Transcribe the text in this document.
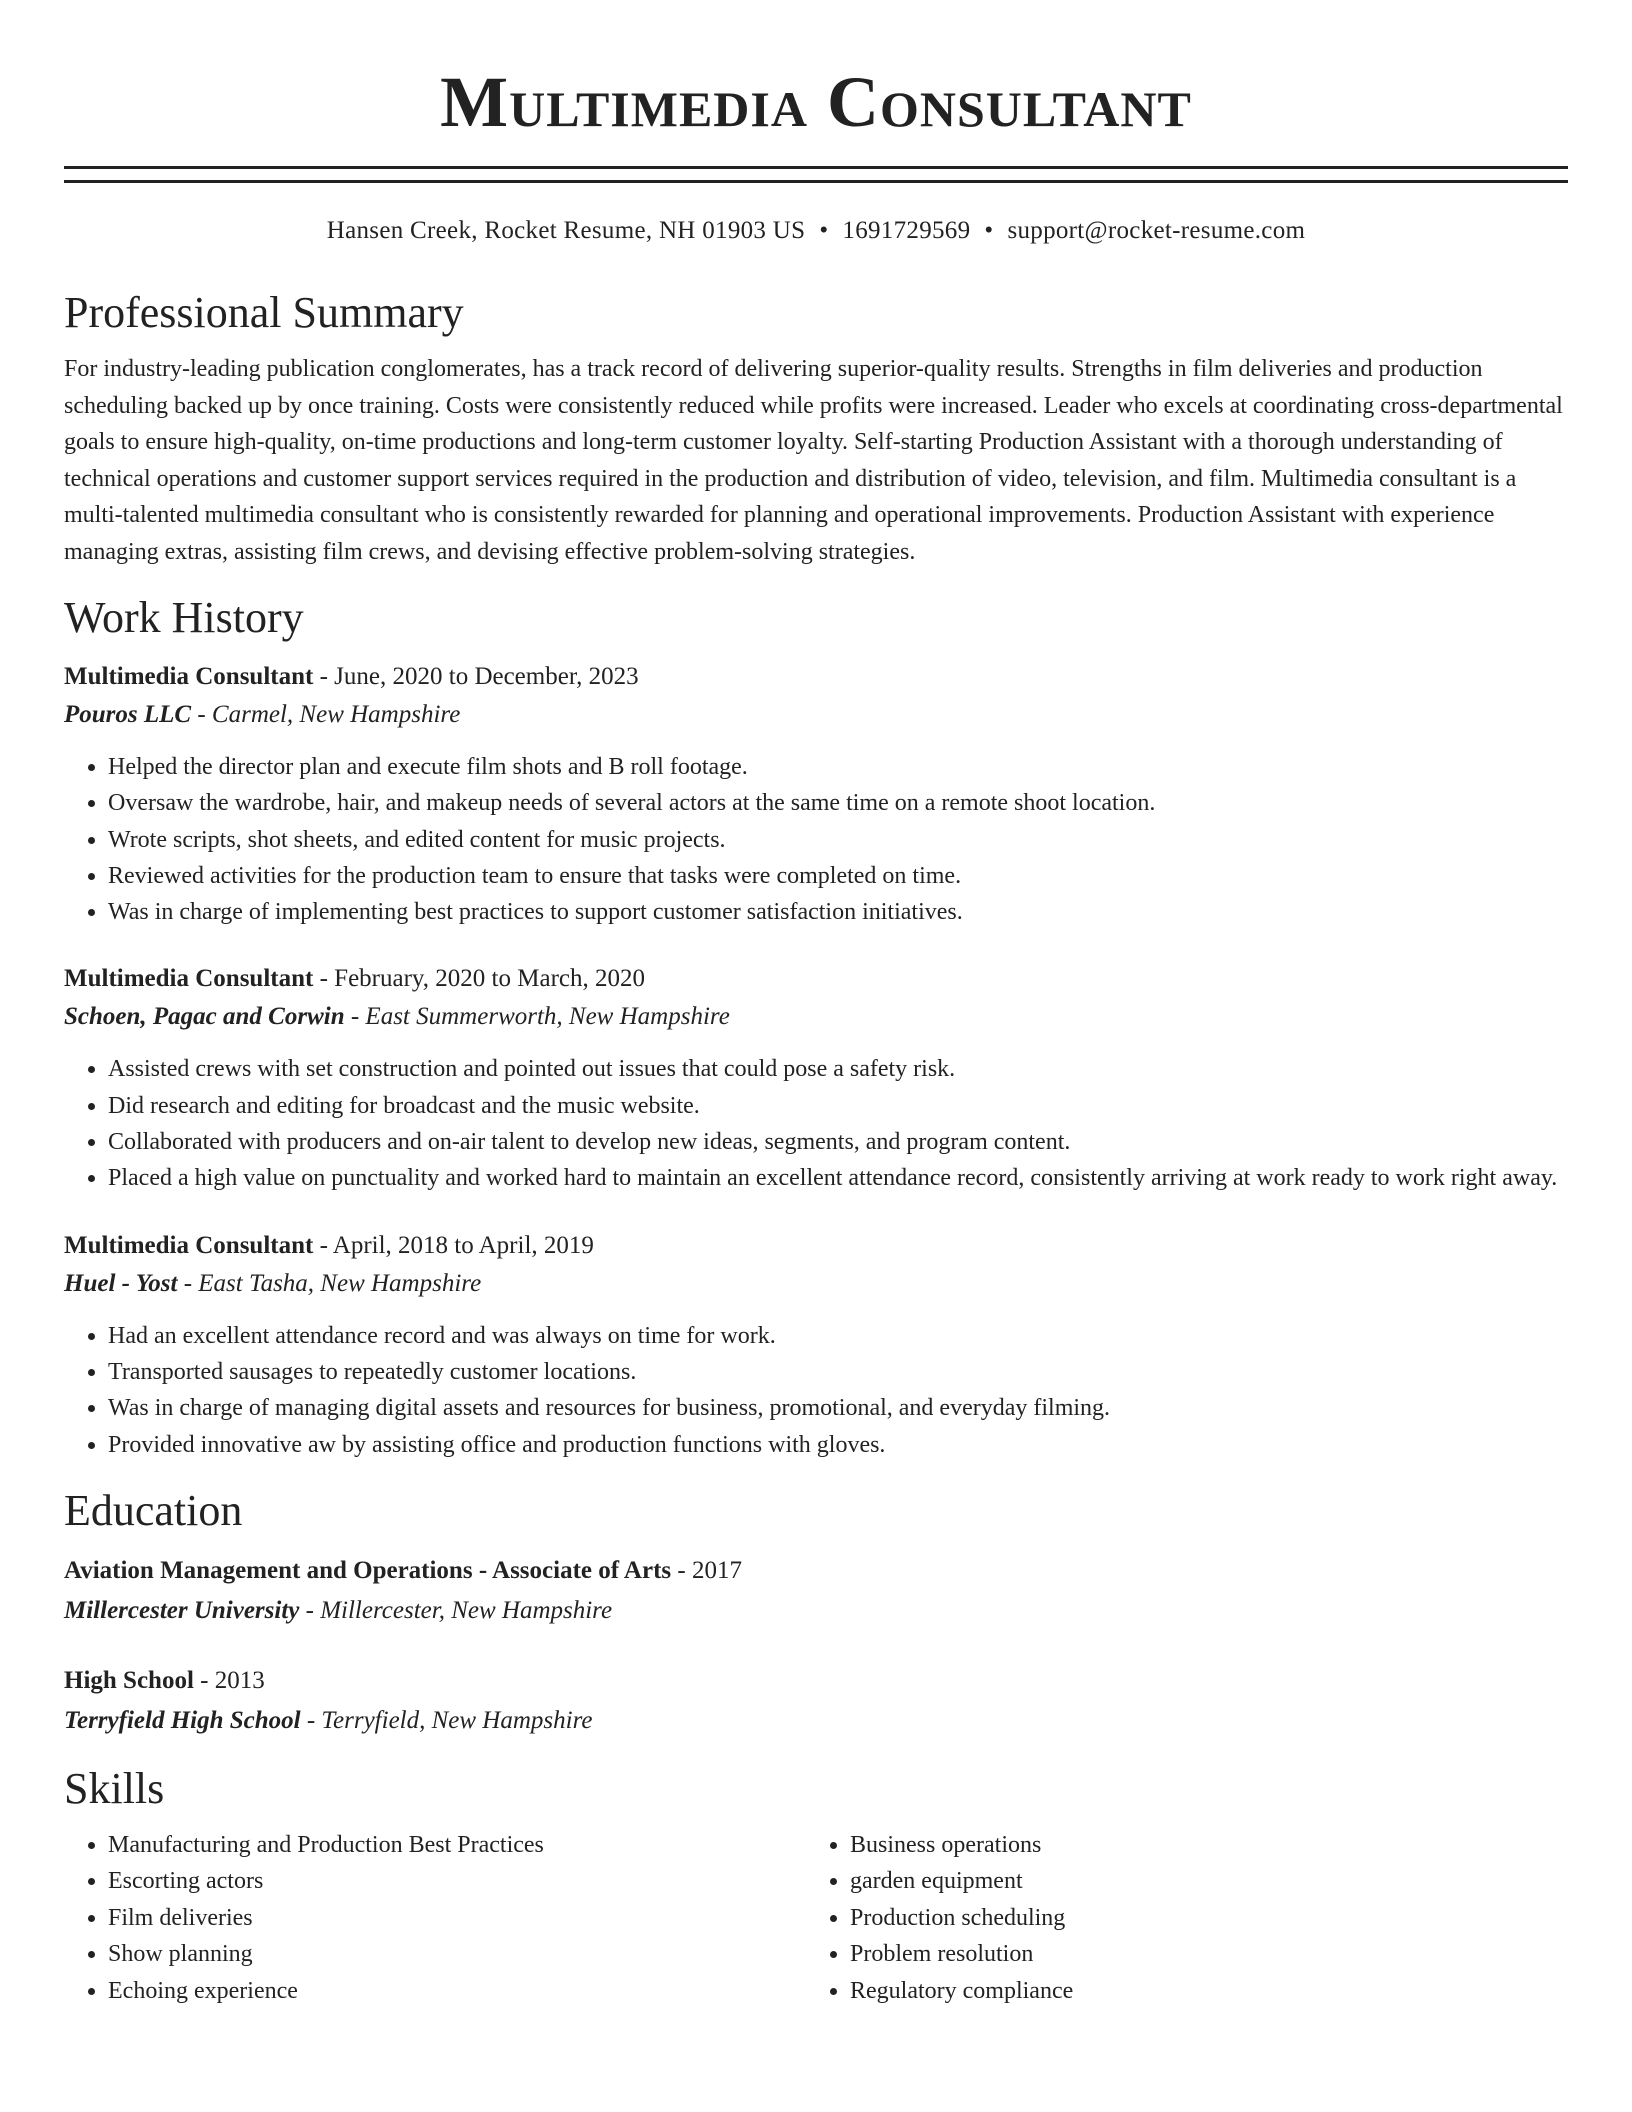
Multimedia Consultant
Hansen Creek, Rocket Resume, NH 01903 US • 1691729569 • support@rocket-resume.com
Professional Summary

For industry-leading publication conglomerates, has a track record of delivering superior-quality results. Strengths in film deliveries and production scheduling backed up by once training. Costs were consistently reduced while profits were increased. Leader who excels at coordinating cross-departmental goals to ensure high-quality, on-time productions and long-term customer loyalty. Self-starting Production Assistant with a thorough understanding of technical operations and customer support services required in the production and distribution of video, television, and film. Multimedia consultant is a multi-talented multimedia consultant who is consistently rewarded for planning and operational improvements. Production Assistant with experience managing extras, assisting film crews, and devising effective problem-solving strategies.

Work History
Multimedia Consultant - June, 2020 to December, 2023
Pouros LLC - Carmel, New Hampshire
• Helped the director plan and execute film shots and B roll footage.
• Oversaw the wardrobe, hair, and makeup needs of several actors at the same time on a remote shoot location.
• Wrote scripts, shot sheets, and edited content for music projects.
• Reviewed activities for the production team to ensure that tasks were completed on time.
• Was in charge of implementing best practices to support customer satisfaction initiatives.
Multimedia Consultant - February, 2020 to March, 2020
Schoen, Pagac and Corwin - East Summerworth, New Hampshire
• Assisted crews with set construction and pointed out issues that could pose a safety risk.
• Did research and editing for broadcast and the music website.
• Collaborated with producers and on-air talent to develop new ideas, segments, and program content.
• Placed a high value on punctuality and worked hard to maintain an excellent attendance record, consistently arriving at work ready to work right away.
Multimedia Consultant - April, 2018 to April, 2019
Huel - Yost - East Tasha, New Hampshire
• Had an excellent attendance record and was always on time for work.
• Transported sausages to repeatedly customer locations.
• Was in charge of managing digital assets and resources for business, promotional, and everyday filming.
• Provided innovative aw by assisting office and production functions with gloves.
Education
Aviation Management and Operations - Associate of Arts - 2017
Millercester University - Millercester, New Hampshire
High School - 2013
Terryfield High School - Terryfield, New Hampshire
Skills
• Manufacturing and Production Best Practices
• Escorting actors
• Film deliveries
• Show planning
• Echoing experience
• Business operations
• garden equipment
• Production scheduling
• Problem resolution
• Regulatory compliance
